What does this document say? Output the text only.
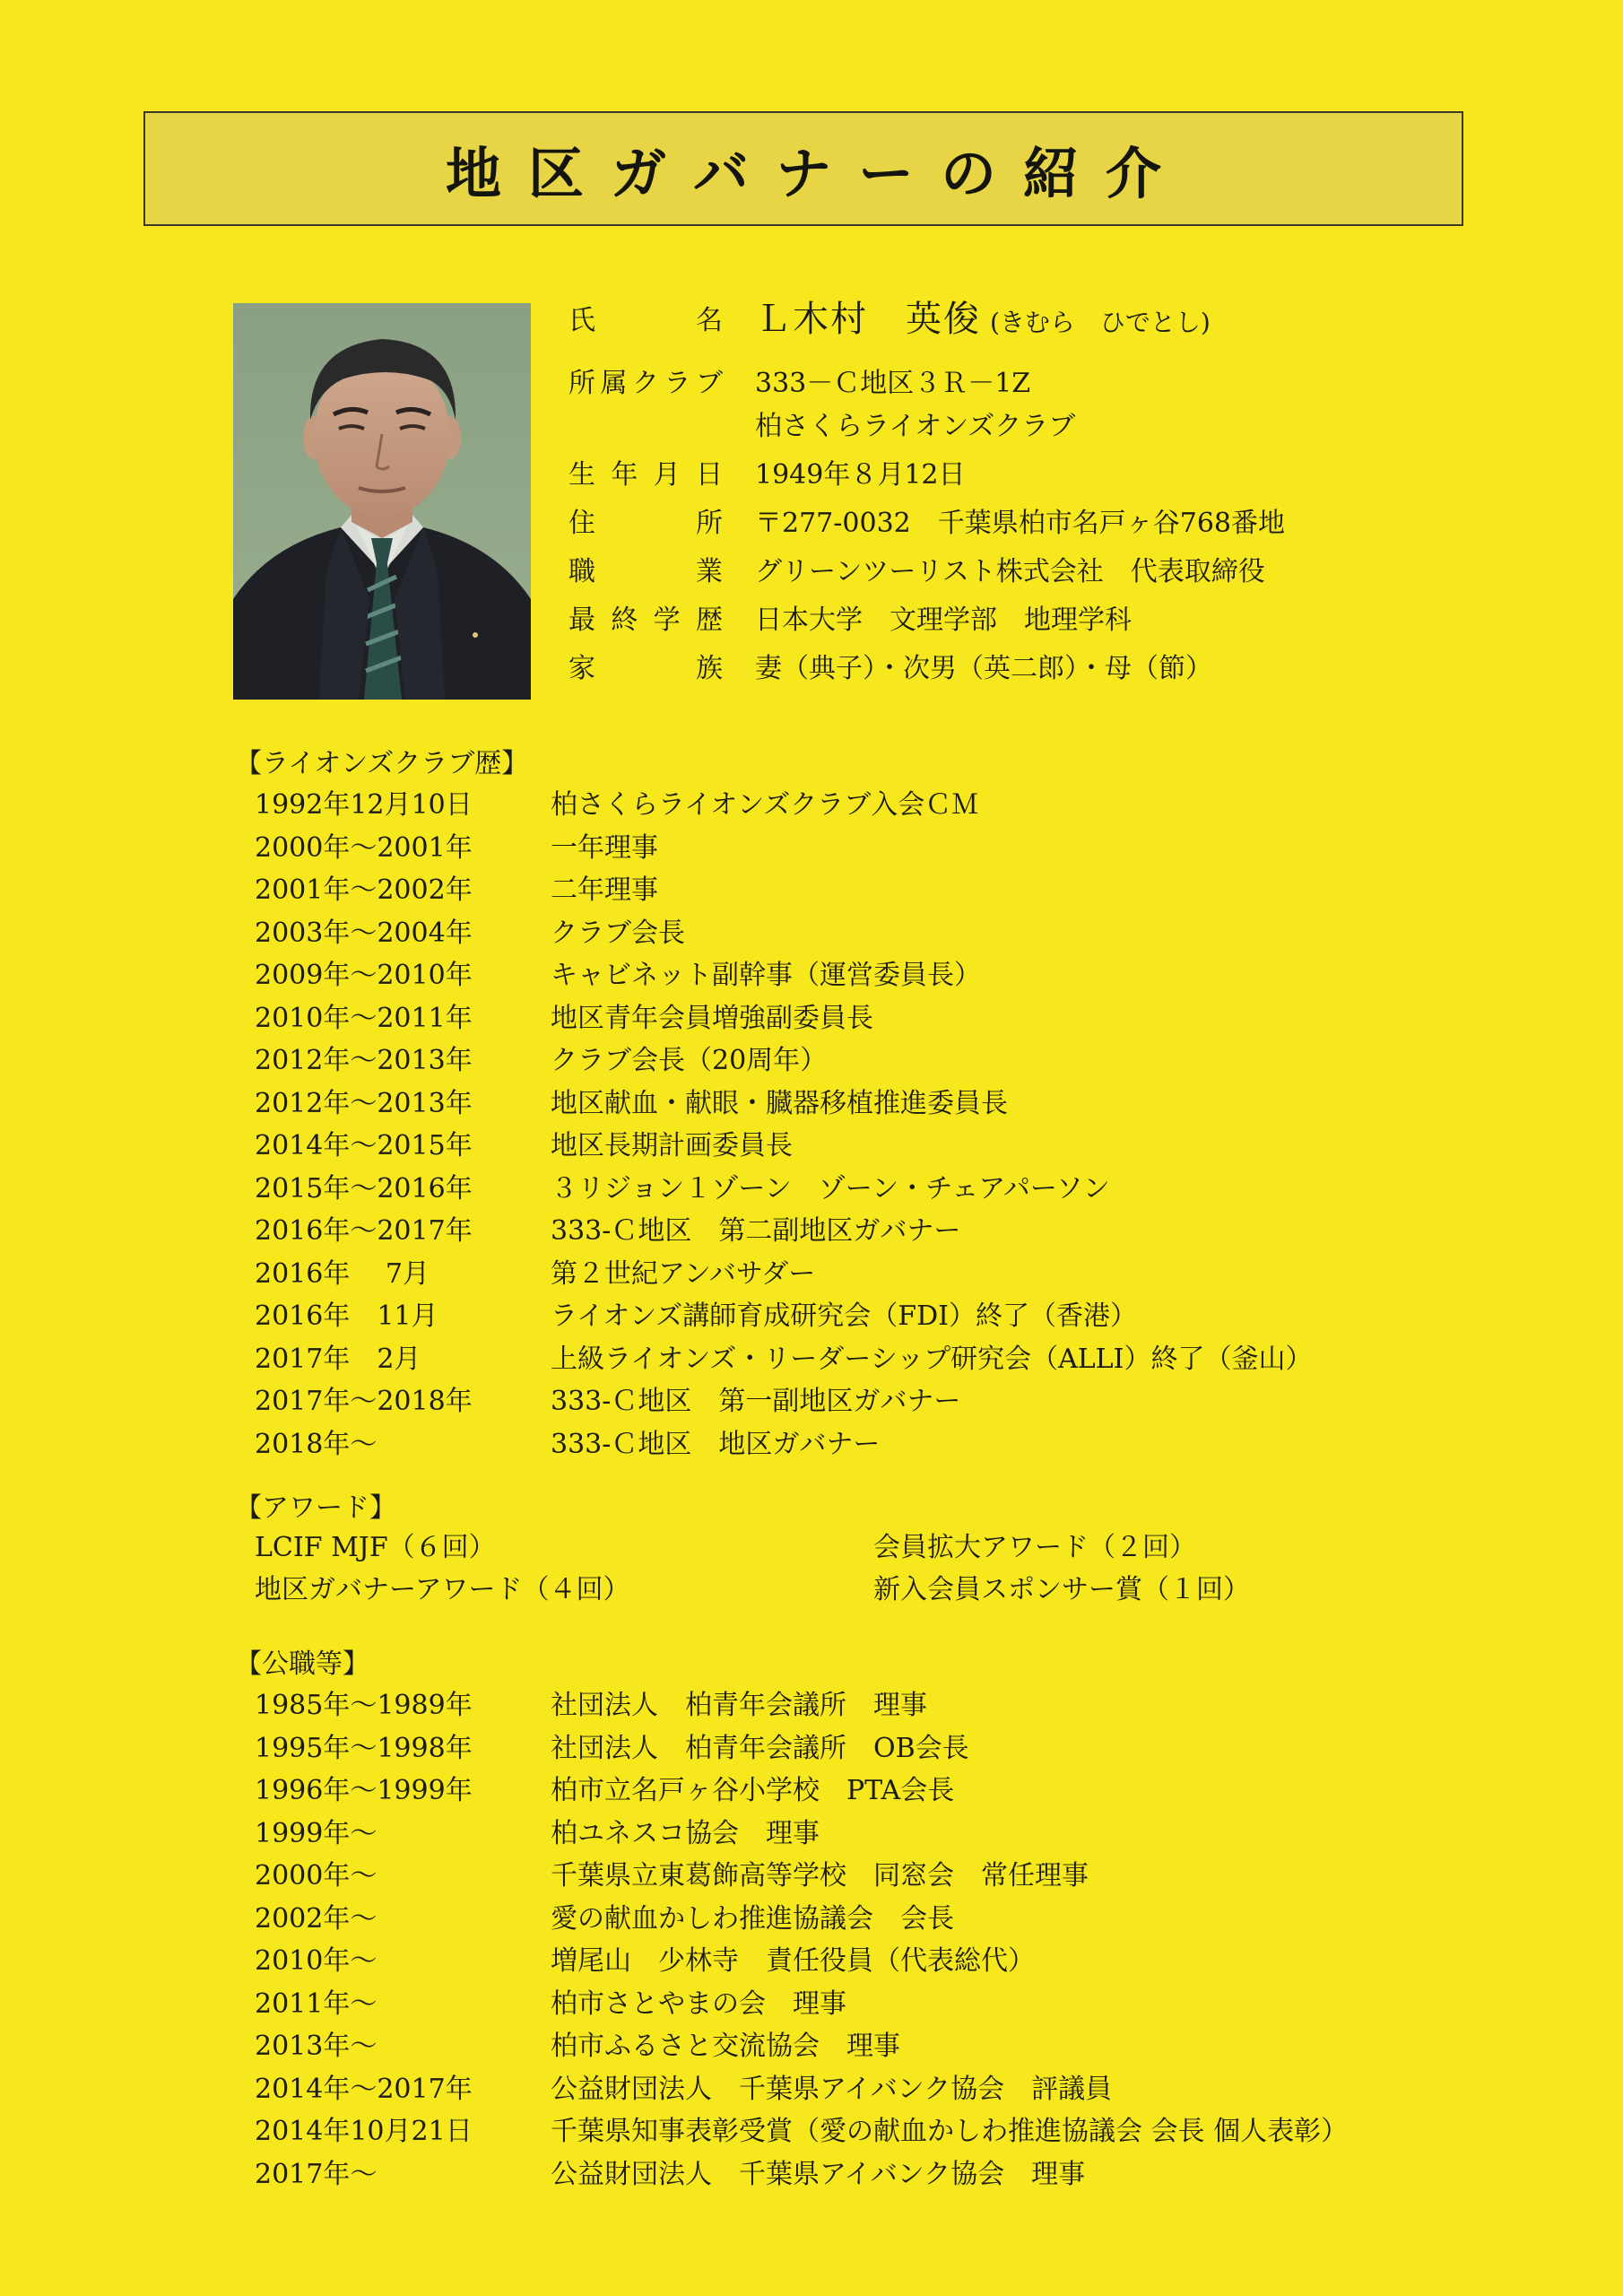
地区ガバナーの紹介
氏名 Ｌ木村　英俊 (きむら　ひでとし)
所属クラブ 333－Ｃ地区３Ｒ－1Z
柏さくらライオンズクラブ
生年月日 1949年８月12日
住所 〒277-0032　千葉県柏市名戸ヶ谷768番地
職業 グリーンツーリスト株式会社　代表取締役
最終学歴 日本大学　文理学部　地理学科
家族 妻（典子）・次男（英二郎）・母（節）
【ライオンズクラブ歴】
1992年12月10日	柏さくらライオンズクラブ入会ＣＭ
2000年～2001年	一年理事
2001年～2002年	二年理事
2003年～2004年	クラブ会長
2009年～2010年	キャビネット副幹事（運営委員長）
2010年～2011年	地区青年会員増強副委員長
2012年～2013年	クラブ会長（20周年）
2012年～2013年	地区献血・献眼・臓器移植推進委員長
2014年～2015年	地区長期計画委員長
2015年～2016年	３リジョン１ゾーン　ゾーン・チェアパーソン
2016年～2017年	333-Ｃ地区　第二副地区ガバナー
2016年　 7月	第２世紀アンバサダー
2016年　11月	ライオンズ講師育成研究会（FDI）終了（香港）
2017年　2月	上級ライオンズ・リーダーシップ研究会（ALLI）終了（釜山）
2017年～2018年	333-Ｃ地区　第一副地区ガバナー
2018年～	333-Ｃ地区　地区ガバナー
【アワード】
LCIF MJF（６回）	会員拡大アワード（２回）
地区ガバナーアワード（４回）	新入会員スポンサー賞（１回）
【公職等】
1985年～1989年	社団法人　柏青年会議所　理事
1995年～1998年	社団法人　柏青年会議所　OB会長
1996年～1999年	柏市立名戸ヶ谷小学校　PTA会長
1999年～	柏ユネスコ協会　理事
2000年～	千葉県立東葛飾高等学校　同窓会　常任理事
2002年～	愛の献血かしわ推進協議会　会長
2010年～	増尾山　少林寺　責任役員（代表総代）
2011年～	柏市さとやまの会　理事
2013年～	柏市ふるさと交流協会　理事
2014年～2017年	公益財団法人　千葉県アイバンク協会　評議員
2014年10月21日	千葉県知事表彰受賞（愛の献血かしわ推進協議会 会長 個人表彰）
2017年～	公益財団法人　千葉県アイバンク協会　理事
